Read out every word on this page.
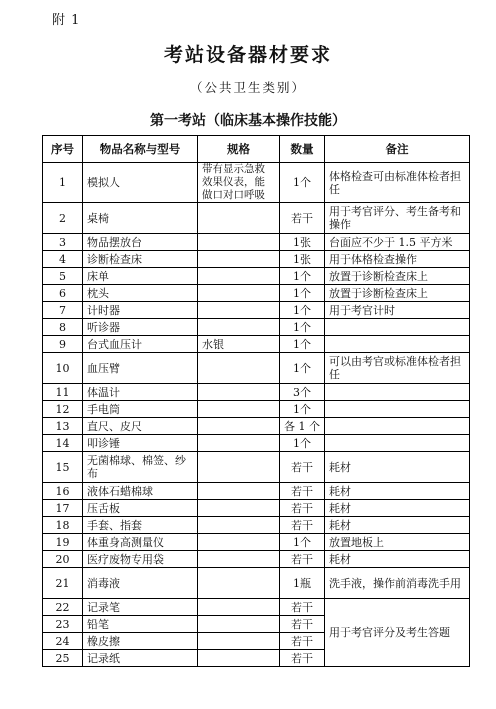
附 1
考站设备器材要求
（公共卫生类别）
第一考站（临床基本操作技能）
序号	物品名称与型号	规格	数量	备注
1	模拟人	带有显示急救效果仪表，能做口对口呼吸	1个	体格检查可由标准体检者担任
2	桌椅		若干	用于考官评分、考生备考和操作
3	物品摆放台		1张	台面应不少于 1.5 平方米
4	诊断检查床		1张	用于体格检查操作
5	床单		1个	放置于诊断检查床上
6	枕头		1个	放置于诊断检查床上
7	计时器		1个	用于考官计时
8	听诊器		1个	
9	台式血压计	水银	1个	
10	血压臂		1个	可以由考官或标准体检者担任
11	体温计		3个	
12	手电筒		1个	
13	直尺、皮尺		各 1 个	
14	叩诊锤		1个	
15	无菌棉球、棉签、纱布		若干	耗材
16	液体石蜡棉球		若干	耗材
17	压舌板		若干	耗材
18	手套、指套		若干	耗材
19	体重身高测量仪		1个	放置地板上
20	医疗废物专用袋		若干	耗材
21	消毒液		1瓶	洗手液，操作前消毒洗手用
22	记录笔		若干	用于考官评分及考生答题
23	铅笔		若干	
24	橡皮擦		若干	
25	记录纸		若干	
